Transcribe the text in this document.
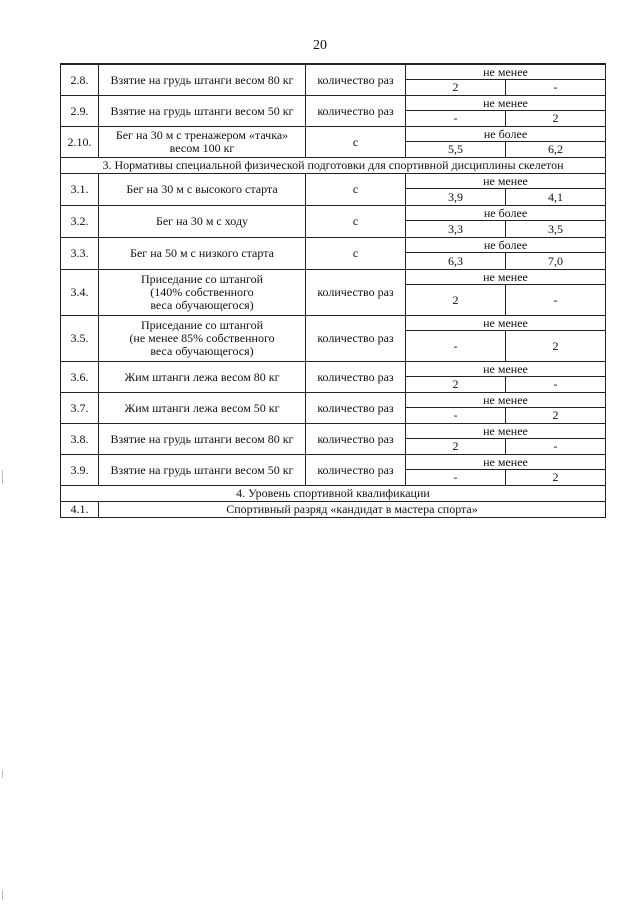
20

2.8.	Взятие на грудь штанги весом 80 кг	количество раз	не менее	
			2	-
2.9.	Взятие на грудь штанги весом 50 кг	количество раз	не менее	
			-	2
2.10.	Бег на 30 м с тренажером «тачка»
весом 100 кг	с	не более	
			5,5	6,2
3. Нормативы специальной физической подготовки для спортивной дисциплины скелетон				
3.1.	Бег на 30 м с высокого старта	с	не менее	
			3,9	4,1
3.2.	Бег на 30 м с ходу	с	не более	
			3,3	3,5
3.3.	Бег на 50 м с низкого старта	с	не более	
			6,3	7,0
3.4.	Приседание со штангой
(140% собственного
веса обучающегося)	количество раз	не менее	
			2	-
3.5.	Приседание со штангой
(не менее 85% собственного
веса обучающегося)	количество раз	не менее	
			-	2
3.6.	Жим штанги лежа весом 80 кг	количество раз	не менее	
			2	-
3.7.	Жим штанги лежа весом 50 кг	количество раз	не менее	
			-	2
3.8.	Взятие на грудь штанги весом 80 кг	количество раз	не менее	
			2	-
3.9.	Взятие на грудь штанги весом 50 кг	количество раз	не менее	
			-	2
4. Уровень спортивной квалификации				
4.1.	Спортивный разряд «кандидат в мастера спорта»			
